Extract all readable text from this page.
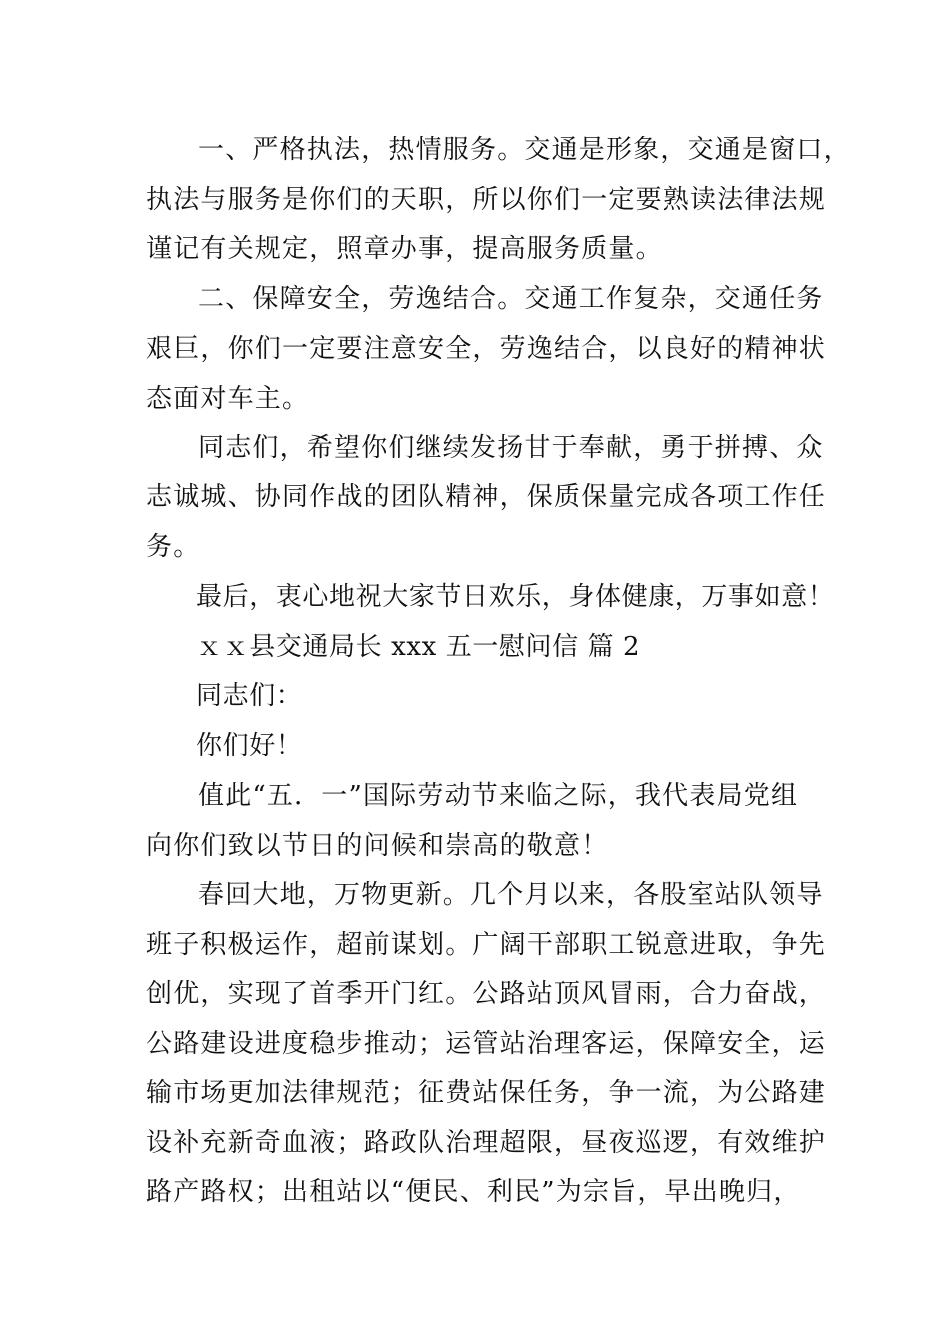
一、严格执法，热情服务。交通是形象，交通是窗口，
执法与服务是你们的天职，所以你们一定要熟读法律法规
谨记有关规定，照章办事，提高服务质量。
二、保障安全，劳逸结合。交通工作复杂，交通任务
艰巨，你们一定要注意安全，劳逸结合，以良好的精神状
态面对车主。
同志们，希望你们继续发扬甘于奉献，勇于拼搏、众
志诚城、协同作战的团队精神，保质保量完成各项工作任
务。
最后，衷心地祝大家节日欢乐，身体健康，万事如意！
ｘｘ县交通局长 xxx 五一慰问信 篇 2
同志们：
你们好！
值此“五．一”国际劳动节来临之际，我代表局党组
向你们致以节日的问候和崇高的敬意！
春回大地，万物更新。几个月以来，各股室站队领导
班子积极运作，超前谋划。广阔干部职工锐意进取，争先
创优，实现了首季开门红。公路站顶风冒雨，合力奋战，
公路建设进度稳步推动；运管站治理客运，保障安全，运
输市场更加法律规范；征费站保任务，争一流，为公路建
设补充新奇血液；路政队治理超限，昼夜巡逻，有效维护
路产路权；出租站以“便民、利民”为宗旨，早出晚归，
